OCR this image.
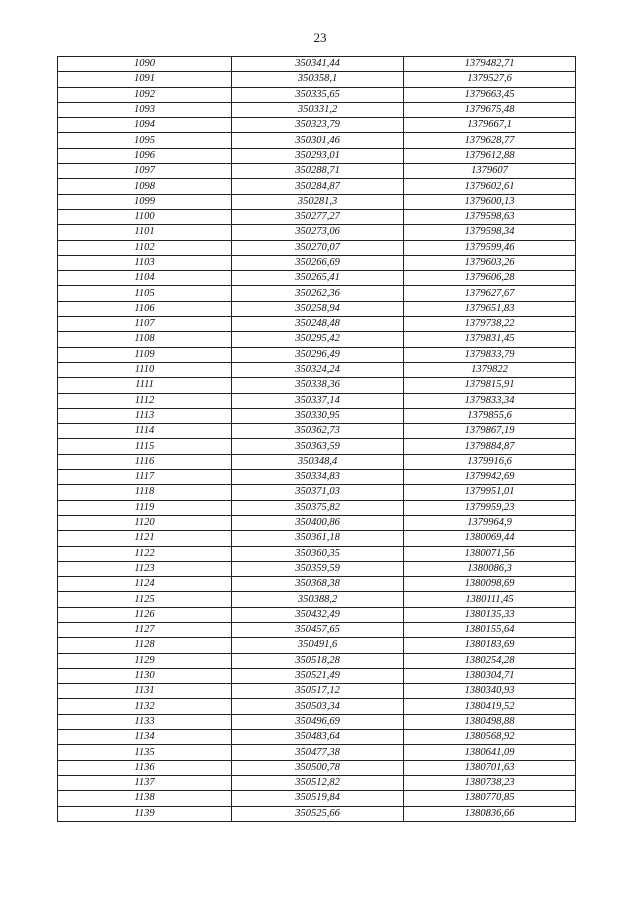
23
1090	350341,44	1379482,71
1091	350358,1	1379527,6
1092	350335,65	1379663,45
1093	350331,2	1379675,48
1094	350323,79	1379667,1
1095	350301,46	1379628,77
1096	350293,01	1379612,88
1097	350288,71	1379607
1098	350284,87	1379602,61
1099	350281,3	1379600,13
1100	350277,27	1379598,63
1101	350273,06	1379598,34
1102	350270,07	1379599,46
1103	350266,69	1379603,26
1104	350265,41	1379606,28
1105	350262,36	1379627,67
1106	350258,94	1379651,83
1107	350248,48	1379738,22
1108	350295,42	1379831,45
1109	350296,49	1379833,79
1110	350324,24	1379822
1111	350338,36	1379815,91
1112	350337,14	1379833,34
1113	350330,95	1379855,6
1114	350362,73	1379867,19
1115	350363,59	1379884,87
1116	350348,4	1379916,6
1117	350334,83	1379942,69
1118	350371,03	1379951,01
1119	350375,82	1379959,23
1120	350400,86	1379964,9
1121	350361,18	1380069,44
1122	350360,35	1380071,56
1123	350359,59	1380086,3
1124	350368,38	1380098,69
1125	350388,2	1380111,45
1126	350432,49	1380135,33
1127	350457,65	1380155,64
1128	350491,6	1380183,69
1129	350518,28	1380254,28
1130	350521,49	1380304,71
1131	350517,12	1380340,93
1132	350503,34	1380419,52
1133	350496,69	1380498,88
1134	350483,64	1380568,92
1135	350477,38	1380641,09
1136	350500,78	1380701,63
1137	350512,82	1380738,23
1138	350519,84	1380770,85
1139	350525,66	1380836,66
